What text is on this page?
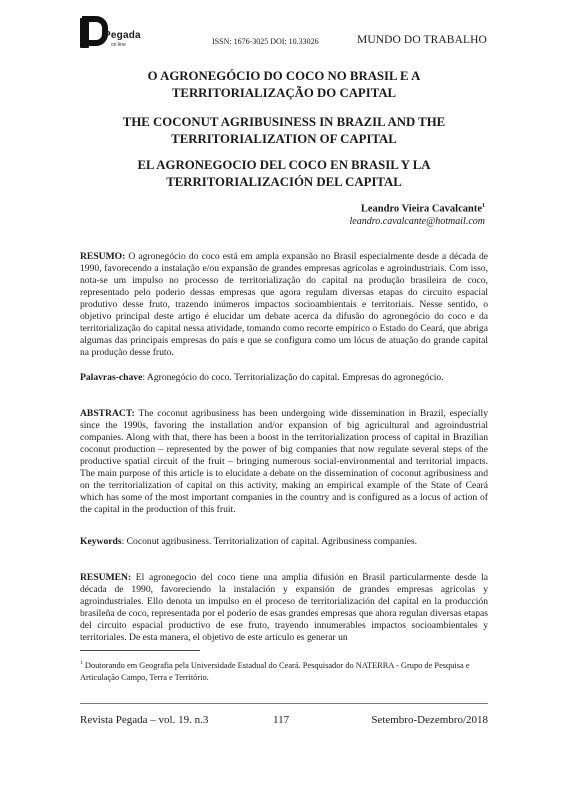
Pegada
on line	ISSN: 1676-3025 DOI: 10.33026	MUNDO DO TRABALHO
O AGRONEGÓCIO DO COCO NO BRASIL E A TERRITORIALIZAÇÃO DO CAPITAL
THE COCONUT AGRIBUSINESS IN BRAZIL AND THE TERRITORIALIZATION OF CAPITAL
EL AGRONEGOCIO DEL COCO EN BRASIL Y LA TERRITORIALIZACIÓN DEL CAPITAL
Leandro Vieira Cavalcante$^1$
leandro.cavalcante@hotmail.com
RESUMO: O agronegócio do coco está em ampla expansão no Brasil especialmente desde a década de 1990, favorecendo a instalação e/ou expansão de grandes empresas agrícolas e agroindustriais. Com isso, nota-se um impulso no processo de territorialização do capital na produção brasileira de coco, representado pelo poderio dessas empresas que agora regulam diversas etapas do circuito espacial produtivo desse fruto, trazendo inúmeros impactos socioambientais e territoriais. Nesse sentido, o objetivo principal deste artigo é elucidar um debate acerca da difusão do agronegócio do coco e da territorialização do capital nessa atividade, tomando como recorte empírico o Estado do Ceará, que abriga algumas das principais empresas do país e que se configura como um lócus de atuação do grande capital na produção desse fruto.
Palavras-chave: Agronegócio do coco. Territorialização do capital. Empresas do agronegócio.
ABSTRACT: The coconut agribusiness has been undergoing wide dissemination in Brazil, especially since the 1990s, favoring the installation and/or expansion of big agricultural and agroindustrial companies. Along with that, there has been a boost in the territorialization process of capital in Brazilian coconut production – represented by the power of big companies that now regulate several steps of the productive spatial circuit of the fruit – bringing numerous social-environmental and territorial impacts. The main purpose of this article is to elucidate a debate on the dissemination of coconut agribusiness and on the territorialization of capital on this activity, making an empirical example of the State of Ceará which has some of the most important companies in the country and is configured as a locus of action of the capital in the production of this fruit.
Keywords: Coconut agribusiness. Territorialization of capital. Agribusiness companies.
RESUMEN: El agronegocio del coco tiene una amplia difusión en Brasil particularmente desde la década de 1990, favoreciendo la instalación y expansión de grandes empresas agrícolas y agroindustriales. Ello denota un impulso en el proceso de territorialización del capital en la producción brasileña de coco, representada por el poderío de esas grandes empresas que ahora regulan diversas etapas del circuito espacial productivo de ese fruto, trayendo innumerables impactos socioambientales y territoriales. De esta manera, el objetivo de este artículo es generar un
$^1$ Doutorando em Geografia pela Universidade Estadual do Ceará. Pesquisador do NATERRA - Grupo de Pesquisa e Articulação Campo, Terra e Território.
Revista Pegada – vol. 19. n.3	117	Setembro-Dezembro/2018
